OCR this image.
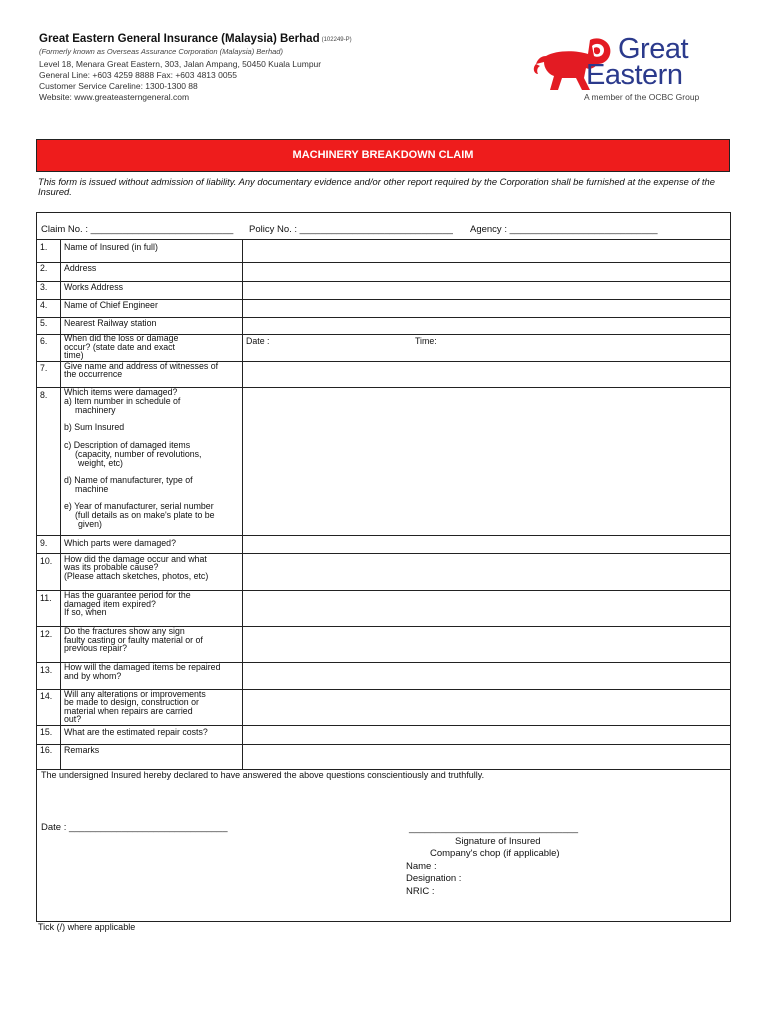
Great Eastern General Insurance (Malaysia) Berhad (102249-P)
(Formerly known as Overseas Assurance Corporation (Malaysia) Berhad)
Level 18, Menara Great Eastern, 303, Jalan Ampang, 50450 Kuala Lumpur
General Line: +603 4259 8888 Fax: +603 4813 0055
Customer Service Careline: 1300-1300 88
Website: www.greateasterngeneral.com
Great
Eastern
A member of the OCBC Group
MACHINERY BREAKDOWN CLAIM
This form is issued without admission of liability. Any documentary evidence and/or other report required by the Corporation shall be furnished at the expense of the Insured.
Claim No. : ___________________________ Policy No. : _____________________________ Agency : ____________________________
1. Name of Insured (in full)
2. Address
3. Works Address
4. Name of Chief Engineer
5. Nearest Railway station
6. When did the loss or damage
occur? (state date and exact
time)
Date :	Time:
7. Give name and address of witnesses of
the occurrence
8. Which items were damaged?
a) Item number in schedule of
machinery
b) Sum Insured
c) Description of damaged items
(capacity, number of revolutions,
weight, etc)
d) Name of manufacturer, type of
machine
e) Year of manufacturer, serial number
(full details as on make's plate to be
given)
9. Which parts were damaged?
10. How did the damage occur and what
was its probable cause?
(Please attach sketches, photos, etc)
11. Has the guarantee period for the
damaged item expired?
If so, when
12. Do the fractures show any sign
faulty casting or faulty material or of
previous repair?
13. How will the damaged items be repaired
and by whom?
14. Will any alterations or improvements
be made to design, construction or
material when repairs are carried
out?
15. What are the estimated repair costs?
16. Remarks
The undersigned Insured hereby declared to have answered the above questions conscientiously and truthfully.
Date : ______________________________	________________________________
Signature of Insured
Company's chop (if applicable)
Name :
Designation :
NRIC :
Tick (/) where applicable
